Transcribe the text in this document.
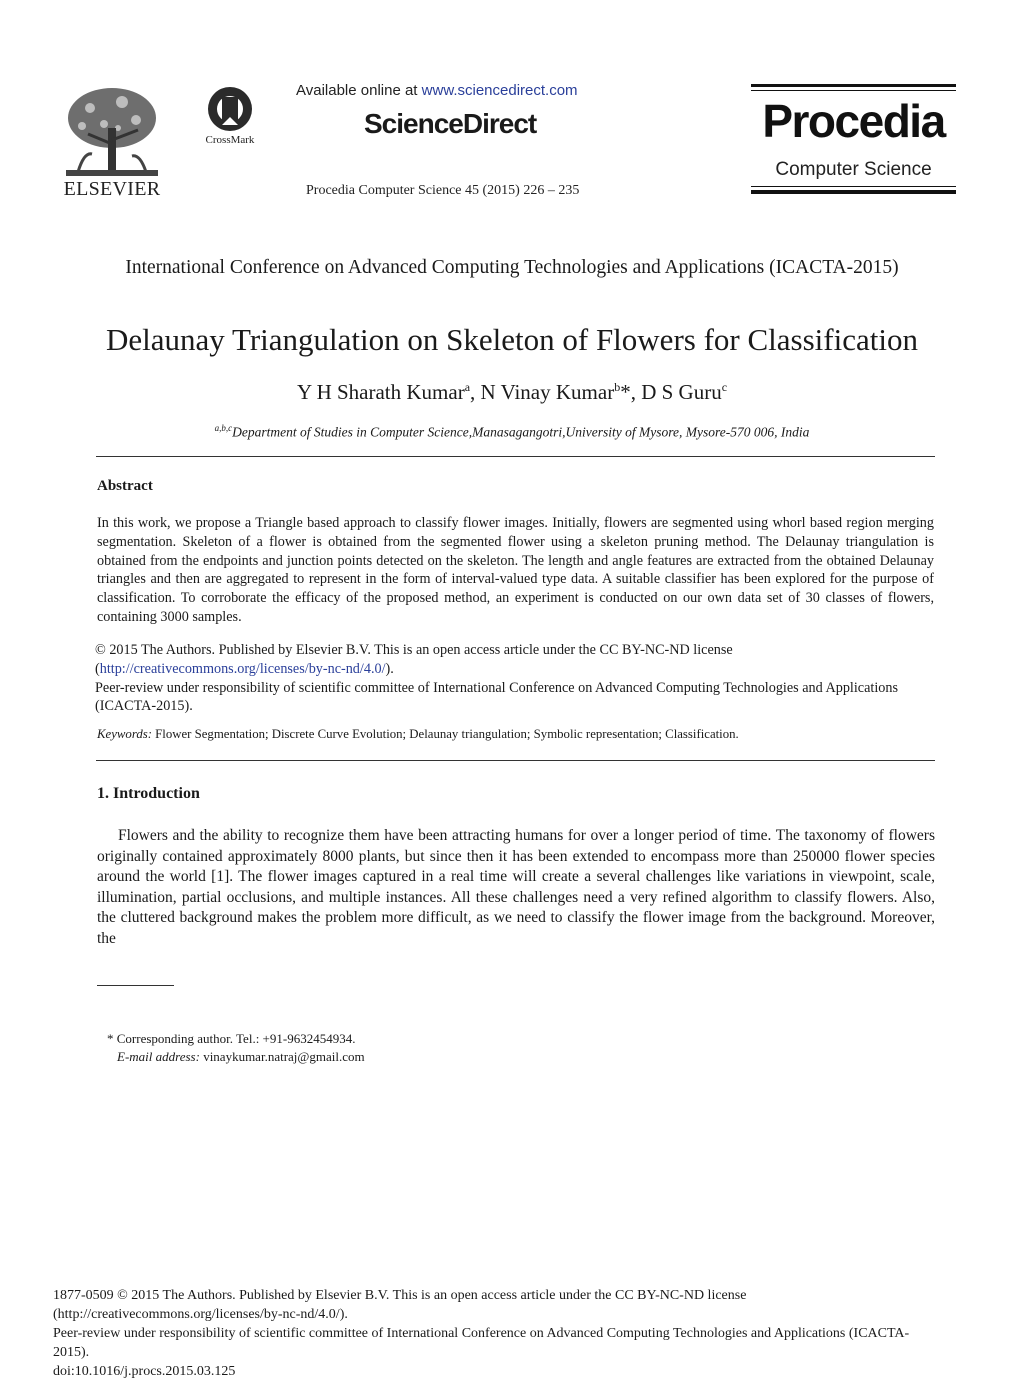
ELSEVIER
CrossMark
Available online at www.sciencedirect.com
ScienceDirect
Procedia Computer Science 45 (2015) 226 – 235
Procedia
Computer Science
International Conference on Advanced Computing Technologies and Applications (ICACTA-2015)
Delaunay Triangulation on Skeleton of Flowers for Classification
Y H Sharath Kumar$^a$, N Vinay Kumar$^b$*, D S Guru$^c$
$^{a,b,c}$Department of Studies in Computer Science,Manasagangotri,University of Mysore, Mysore-570 006, India
Abstract
In this work, we propose a Triangle based approach to classify flower images. Initially, flowers are segmented using whorl based region merging segmentation. Skeleton of a flower is obtained from the segmented flower using a skeleton pruning method. The Delaunay triangulation is obtained from the endpoints and junction points detected on the skeleton. The length and angle features are extracted from the obtained Delaunay triangles and then are aggregated to represent in the form of interval-valued type data. A suitable classifier has been explored for the purpose of classification. To corroborate the efficacy of the proposed method, an experiment is conducted on our own data set of 30 classes of flowers, containing 3000 samples.
© 2015 The Authors. Published by Elsevier B.V. This is an open access article under the CC BY-NC-ND license
(http://creativecommons.org/licenses/by-nc-nd/4.0/).
Peer-review under responsibility of scientific committee of International Conference on Advanced Computing Technologies and Applications (ICACTA-2015).
Keywords: Flower Segmentation; Discrete Curve Evolution; Delaunay triangulation; Symbolic representation; Classification.
1. Introduction
Flowers and the ability to recognize them have been attracting humans for over a longer period of time. The taxonomy of flowers originally contained approximately 8000 plants, but since then it has been extended to encompass more than 250000 flower species around the world [1]. The flower images captured in a real time will create a several challenges like variations in viewpoint, scale, illumination, partial occlusions, and multiple instances. All these challenges need a very refined algorithm to classify flowers. Also, the cluttered background makes the problem more difficult, as we need to classify the flower image from the background. Moreover, the
* Corresponding author. Tel.: +91-9632454934.
E-mail address: vinaykumar.natraj@gmail.com
1877-0509 © 2015 The Authors. Published by Elsevier B.V. This is an open access article under the CC BY-NC-ND license
(http://creativecommons.org/licenses/by-nc-nd/4.0/).
Peer-review under responsibility of scientific committee of International Conference on Advanced Computing Technologies and Applications (ICACTA-2015).
doi:10.1016/j.procs.2015.03.125
